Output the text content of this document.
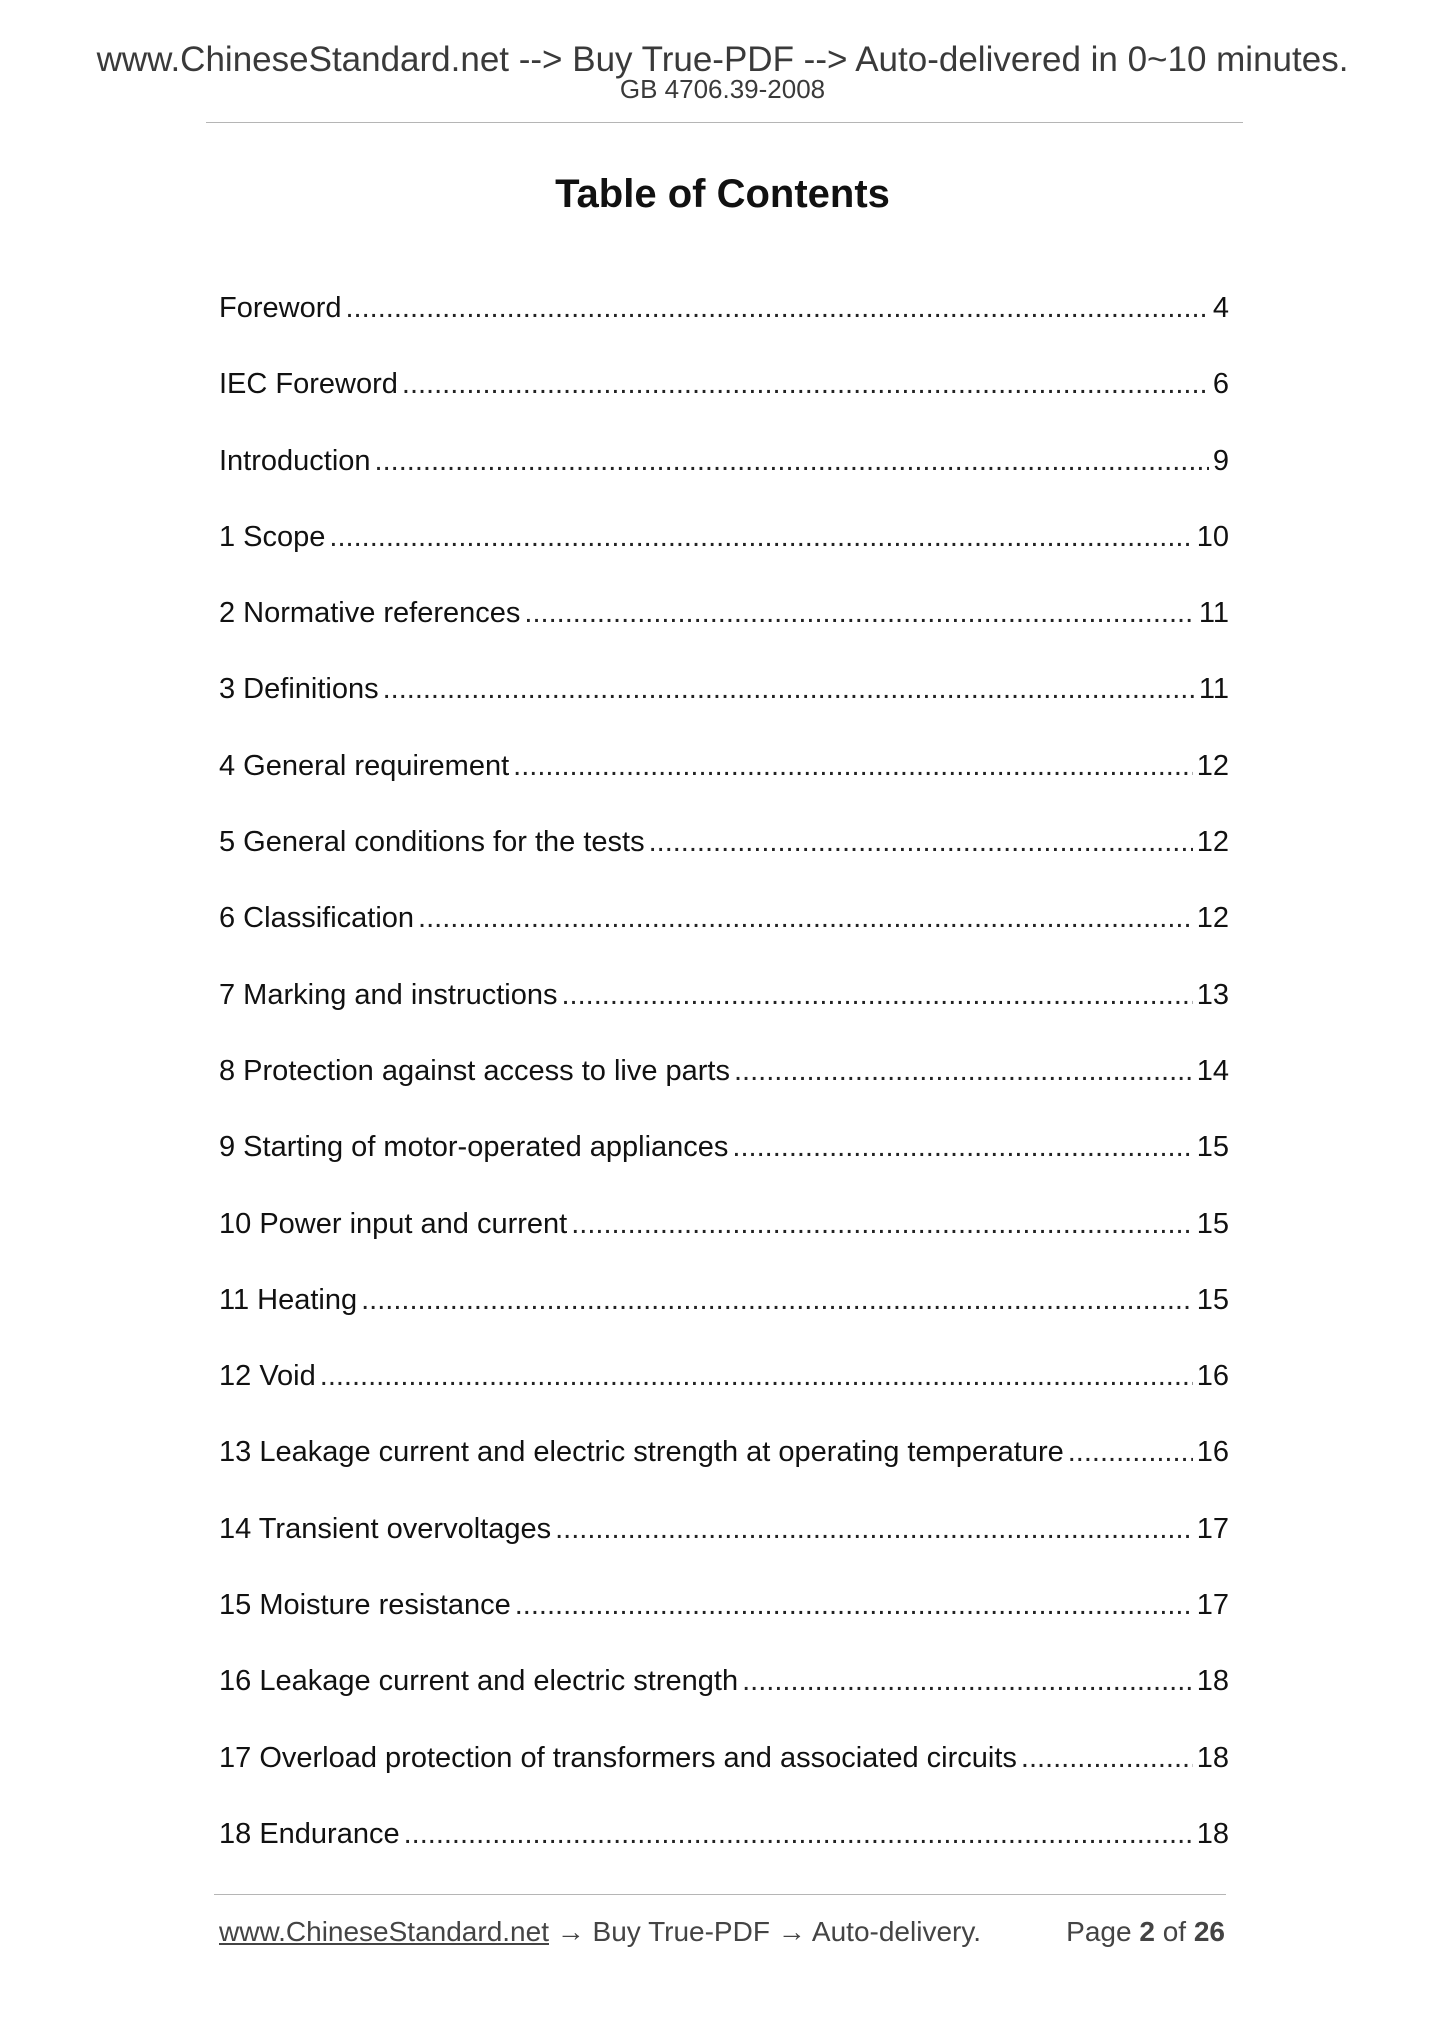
www.ChineseStandard.net --> Buy True-PDF --> Auto-delivered in 0~10 minutes.
GB 4706.39-2008
Table of Contents
Foreword .....	4
IEC Foreword .....	6
Introduction .....	9
1 Scope .....	10
2 Normative references .....	11
3 Definitions .....	11
4 General requirement .....	12
5 General conditions for the tests .....	12
6 Classification .....	12
7 Marking and instructions .....	13
8 Protection against access to live parts .....	14
9 Starting of motor-operated appliances .....	15
10 Power input and current .....	15
11 Heating .....	15
12 Void .....	16
13 Leakage current and electric strength at operating temperature .....	16
14 Transient overvoltages .....	17
15 Moisture resistance .....	17
16 Leakage current and electric strength .....	18
17 Overload protection of transformers and associated circuits .....	18
18 Endurance .....	18
www.ChineseStandard.net → Buy True-PDF → Auto-delivery.	Page 2 of 26
